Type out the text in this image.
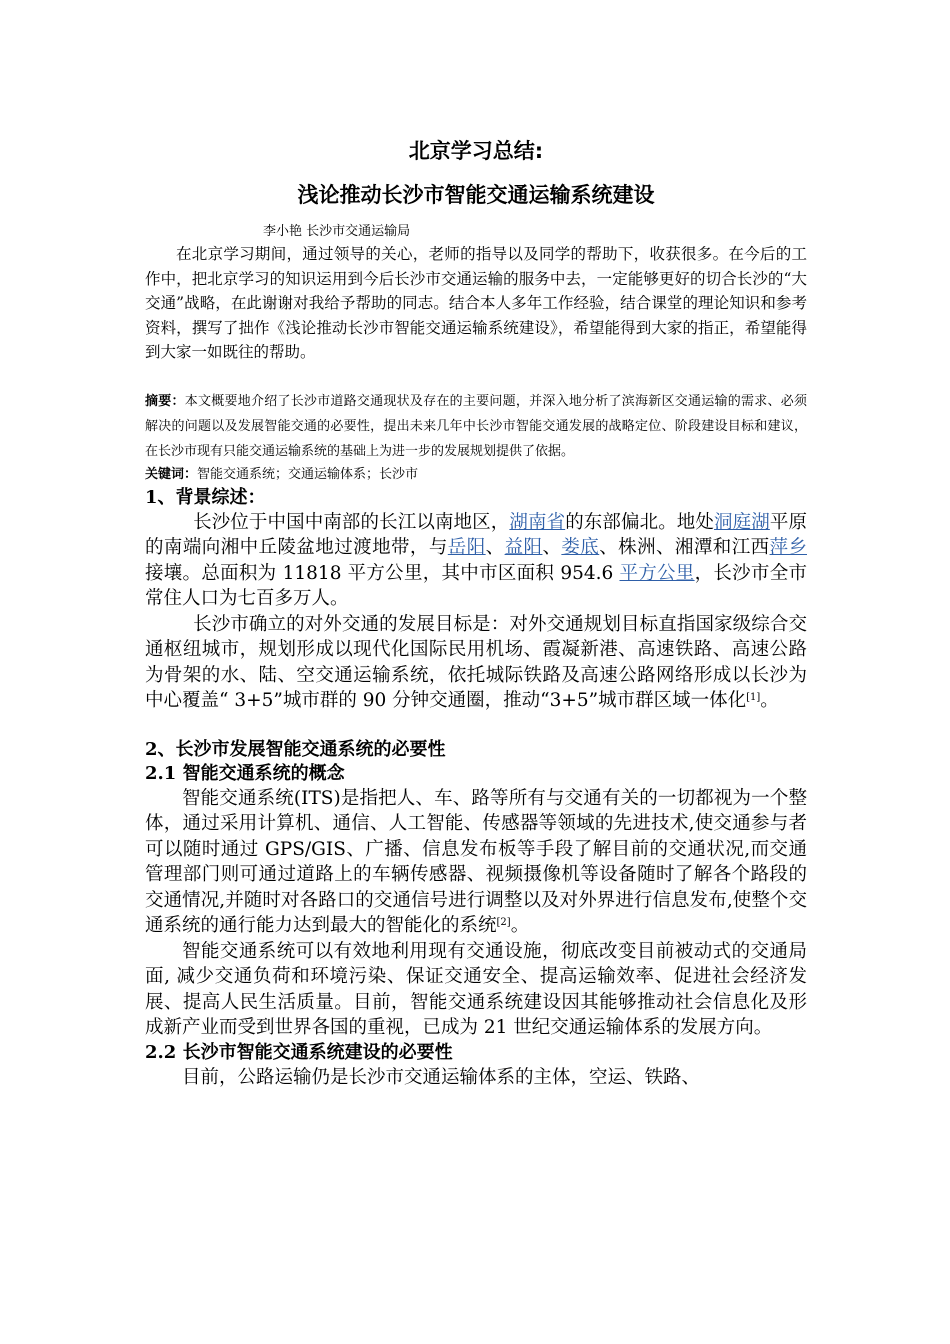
北京学习总结:
浅论推动长沙市智能交通运输系统建设
李小艳 长沙市交通运输局

在北京学习期间，通过领导的关心，老师的指导以及同学的帮助下，收获很多。在今后的工作中，把北京学习的知识运用到今后长沙市交通运输的服务中去，一定能够更好的切合长沙的“大交通”战略，在此谢谢对我给予帮助的同志。结合本人多年工作经验，结合课堂的理论知识和参考资料，撰写了拙作《浅论推动长沙市智能交通运输系统建设》，希望能得到大家的指正，希望能得到大家一如既往的帮助。

摘要：本文概要地介绍了长沙市道路交通现状及存在的主要问题，并深入地分析了滨海新区交通运输的需求、必须解决的问题以及发展智能交通的必要性，提出未来几年中长沙市智能交通发展的战略定位、阶段建设目标和建议，在长沙市现有只能交通运输系统的基础上为进一步的发展规划提供了依据。

关键词：智能交通系统；交通运输体系；长沙市

1、背景综述：

长沙位于中国中南部的长江以南地区，湖南省的东部偏北。地处洞庭湖平原的南端向湘中丘陵盆地过渡地带，与岳阳、益阳、娄底、株洲、湘潭和江西萍乡接壤。总面积为 11818 平方公里，其中市区面积 954.6 平方公里，长沙市全市常住人口为七百多万人。

长沙市确立的对外交通的发展目标是：对外交通规划目标直指国家级综合交通枢纽城市，规划形成以现代化国际民用机场、霞凝新港、高速铁路、高速公路为骨架的水、陆、空交通运输系统，依托城际铁路及高速公路网络形成以长沙为中心覆盖“ 3+5”城市群的 90 分钟交通圈，推动“3+5”城市群区域一体化[1]。

2、长沙市发展智能交通系统的必要性
2.1 智能交通系统的概念

智能交通系统(ITS)是指把人、车、路等所有与交通有关的一切都视为一个整体，通过采用计算机、通信、人工智能、传感器等领域的先进技术,使交通参与者可以随时通过 GPS/GIS、广播、信息发布板等手段了解目前的交通状况,而交通管理部门则可通过道路上的车辆传感器、视频摄像机等设备随时了解各个路段的交通情况,并随时对各路口的交通信号进行调整以及对外界进行信息发布,使整个交通系统的通行能力达到最大的智能化的系统[2]。

智能交通系统可以有效地利用现有交通设施，彻底改变目前被动式的交通局面, 减少交通负荷和环境污染、保证交通安全、提高运输效率、促进社会经济发展、提高人民生活质量。目前，智能交通系统建设因其能够推动社会信息化及形成新产业而受到世界各国的重视，已成为 21 世纪交通运输体系的发展方向。

2.2 长沙市智能交通系统建设的必要性

目前，公路运输仍是长沙市交通运输体系的主体，空运、铁路、
